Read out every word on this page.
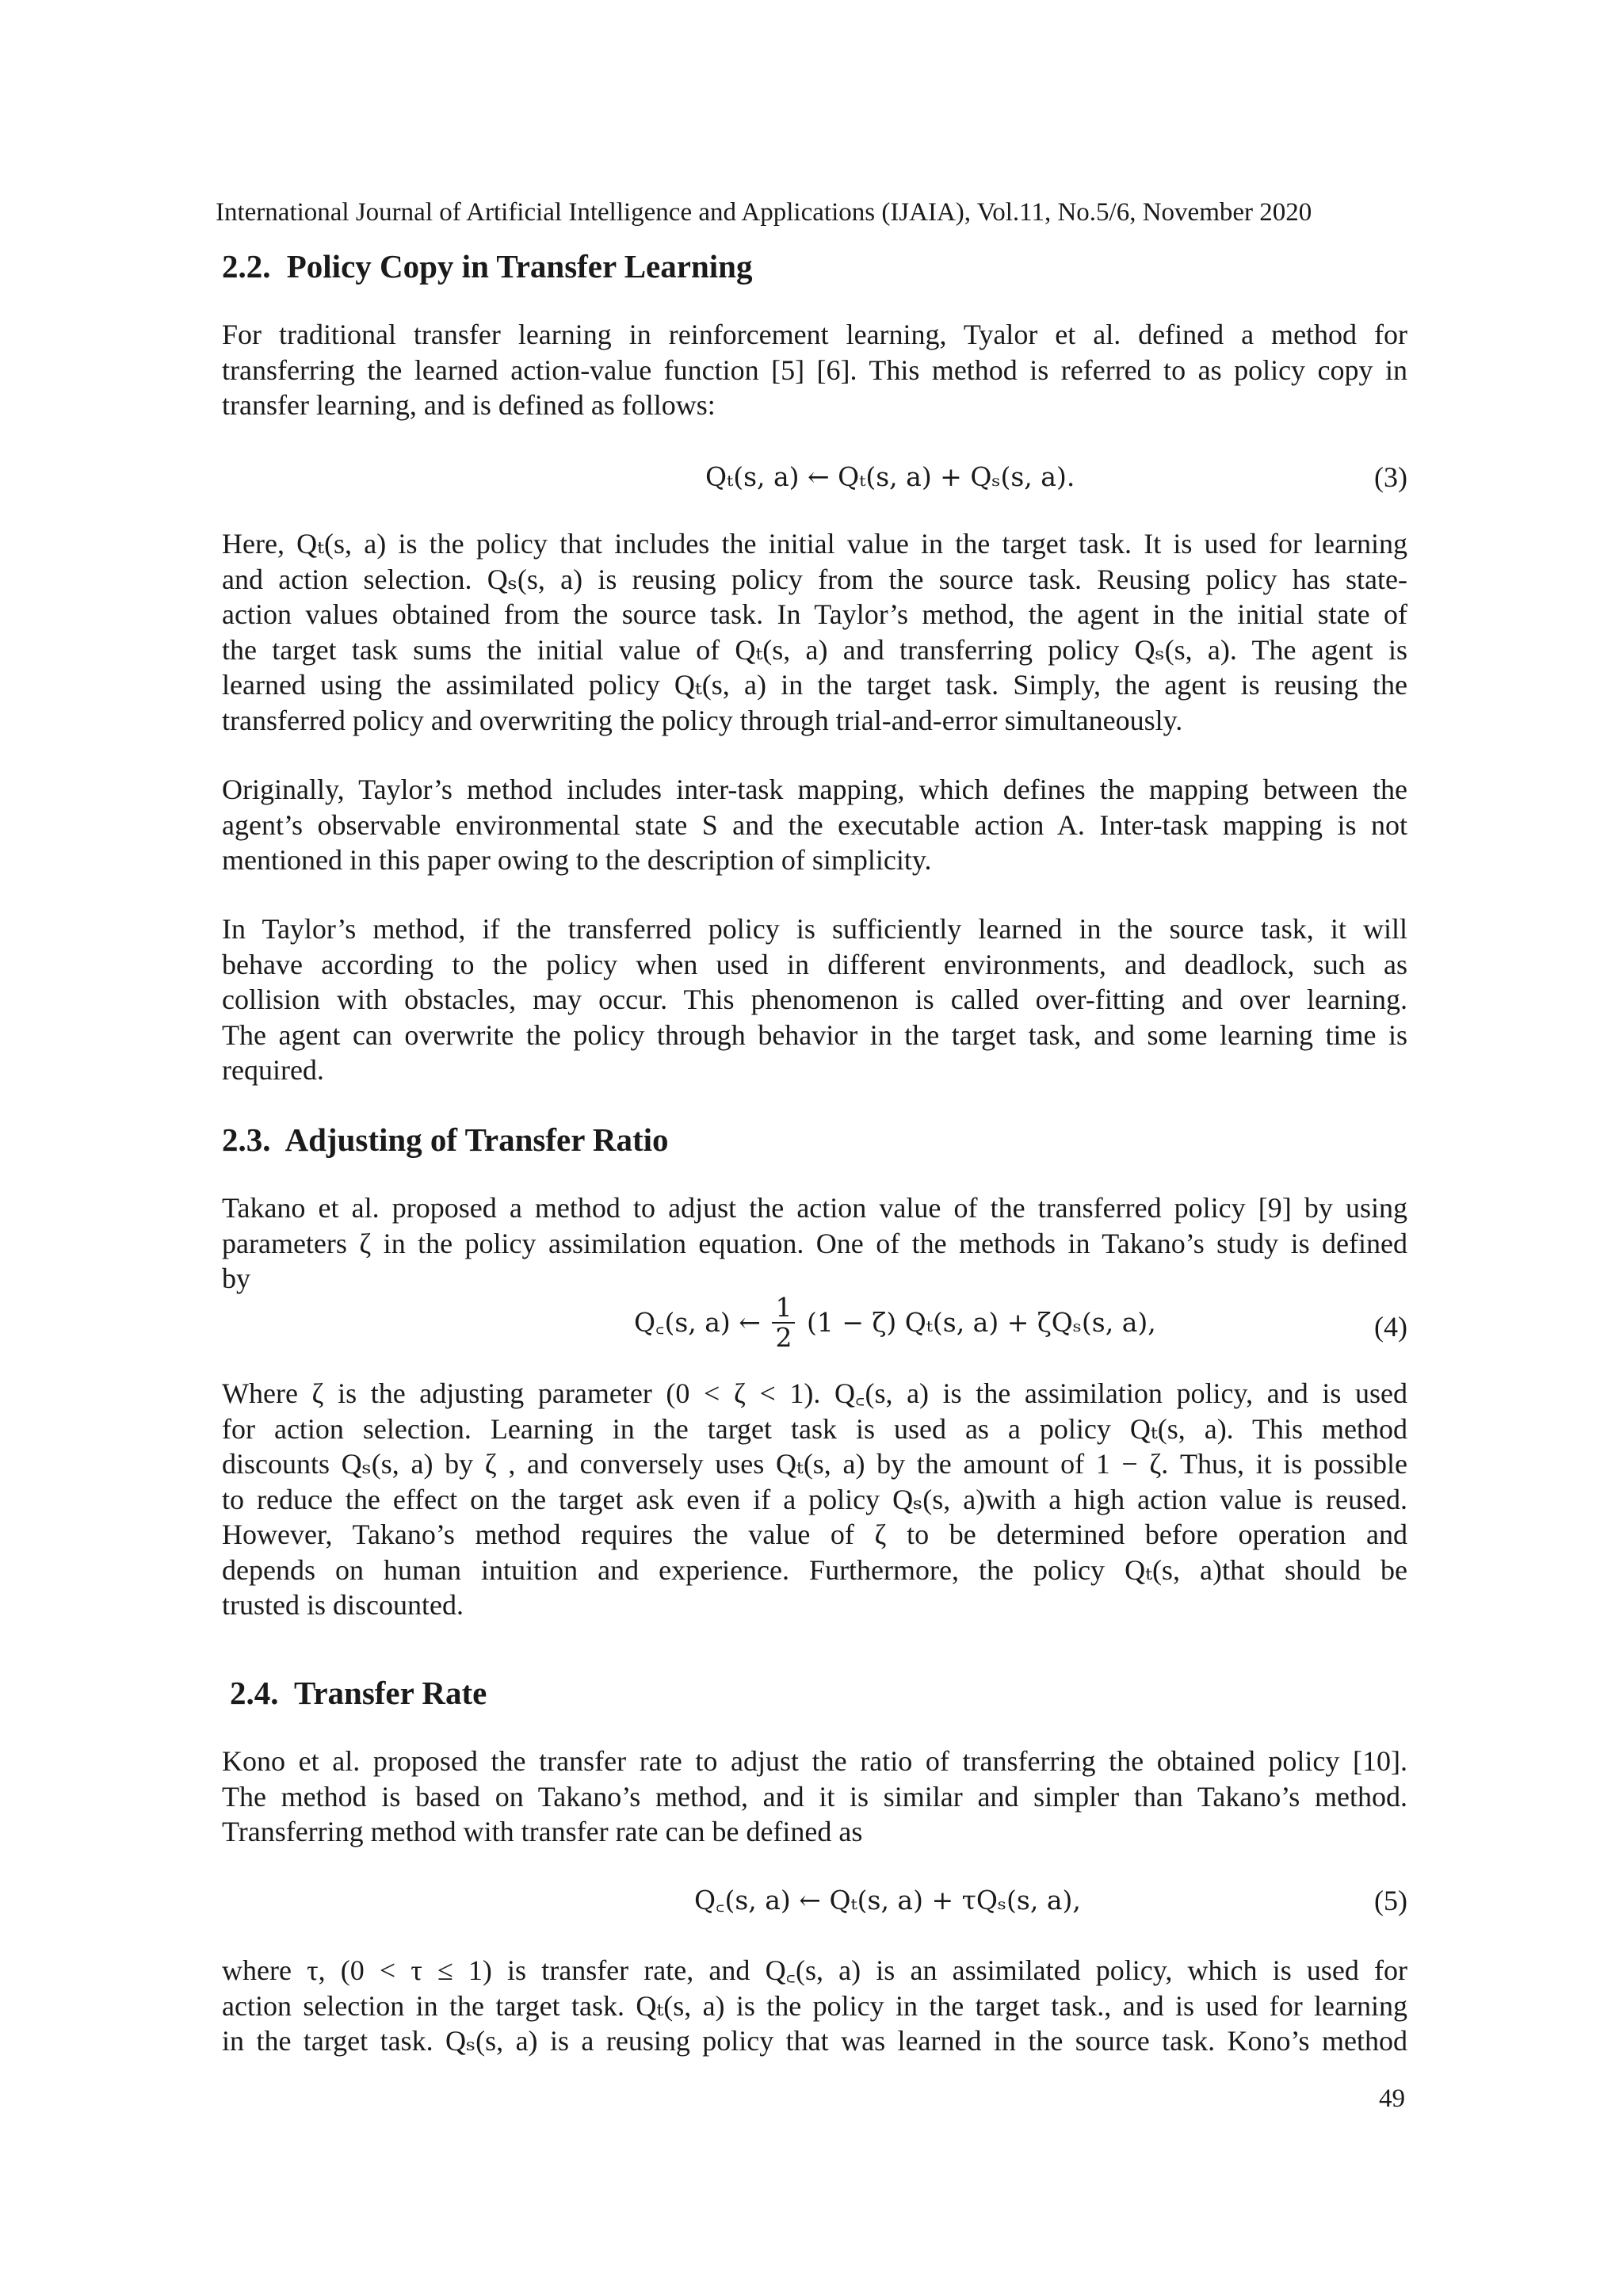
International Journal of Artificial Intelligence and Applications (IJAIA), Vol.11, No.5/6, November 2020
2.2. Policy Copy in Transfer Learning
For traditional transfer learning in reinforcement learning, Tyalor et al. defined a method for
transferring the learned action-value function [5] [6]. This method is referred to as policy copy in
transfer learning, and is defined as follows:
Qₜ(s, a) ← Qₜ(s, a) + Qₛ(s, a).	(3)
Here, Qₜ(s, a) is the policy that includes the initial value in the target task. It is used for learning
and action selection. Qₛ(s, a) is reusing policy from the source task. Reusing policy has state-
action values obtained from the source task. In Taylor’s method, the agent in the initial state of
the target task sums the initial value of Qₜ(s, a) and transferring policy Qₛ(s, a). The agent is
learned using the assimilated policy Qₜ(s, a) in the target task. Simply, the agent is reusing the
transferred policy and overwriting the policy through trial-and-error simultaneously.
Originally, Taylor’s method includes inter-task mapping, which defines the mapping between the
agent’s observable environmental state S and the executable action A. Inter-task mapping is not
mentioned in this paper owing to the description of simplicity.
In Taylor’s method, if the transferred policy is sufficiently learned in the source task, it will
behave according to the policy when used in different environments, and deadlock, such as
collision with obstacles, may occur. This phenomenon is called over-fitting and over learning.
The agent can overwrite the policy through behavior in the target task, and some learning time is
required.
2.3. Adjusting of Transfer Ratio
Takano et al. proposed a method to adjust the action value of the transferred policy [9] by using
parameters ζ in the policy assimilation equation. One of the methods in Takano’s study is defined
by
Q꜀(s, a) ← $\frac{1}{2} (1 - \zeta)$ Qₜ(s, a) + ζQₛ(s, a),	(4)
Where ζ is the adjusting parameter (0 < ζ < 1). Q꜀(s, a) is the assimilation policy, and is used
for action selection. Learning in the target task is used as a policy Qₜ(s, a). This method
discounts Qₛ(s, a) by ζ , and conversely uses Qₜ(s, a) by the amount of 1 − ζ. Thus, it is possible
to reduce the effect on the target ask even if a policy Qₛ(s, a)with a high action value is reused.
However, Takano’s method requires the value of ζ to be determined before operation and
depends on human intuition and experience. Furthermore, the policy Qₜ(s, a)that should be
trusted is discounted.
2.4. Transfer Rate
Kono et al. proposed the transfer rate to adjust the ratio of transferring the obtained policy [10].
The method is based on Takano’s method, and it is similar and simpler than Takano’s method.
Transferring method with transfer rate can be defined as
Q꜀(s, a) ← Qₜ(s, a) + τQₛ(s, a),	(5)
where τ, (0 < τ ≤ 1) is transfer rate, and Q꜀(s, a) is an assimilated policy, which is used for
action selection in the target task. Qₜ(s, a) is the policy in the target task., and is used for learning
in the target task. Qₛ(s, a) is a reusing policy that was learned in the source task. Kono’s method
49
